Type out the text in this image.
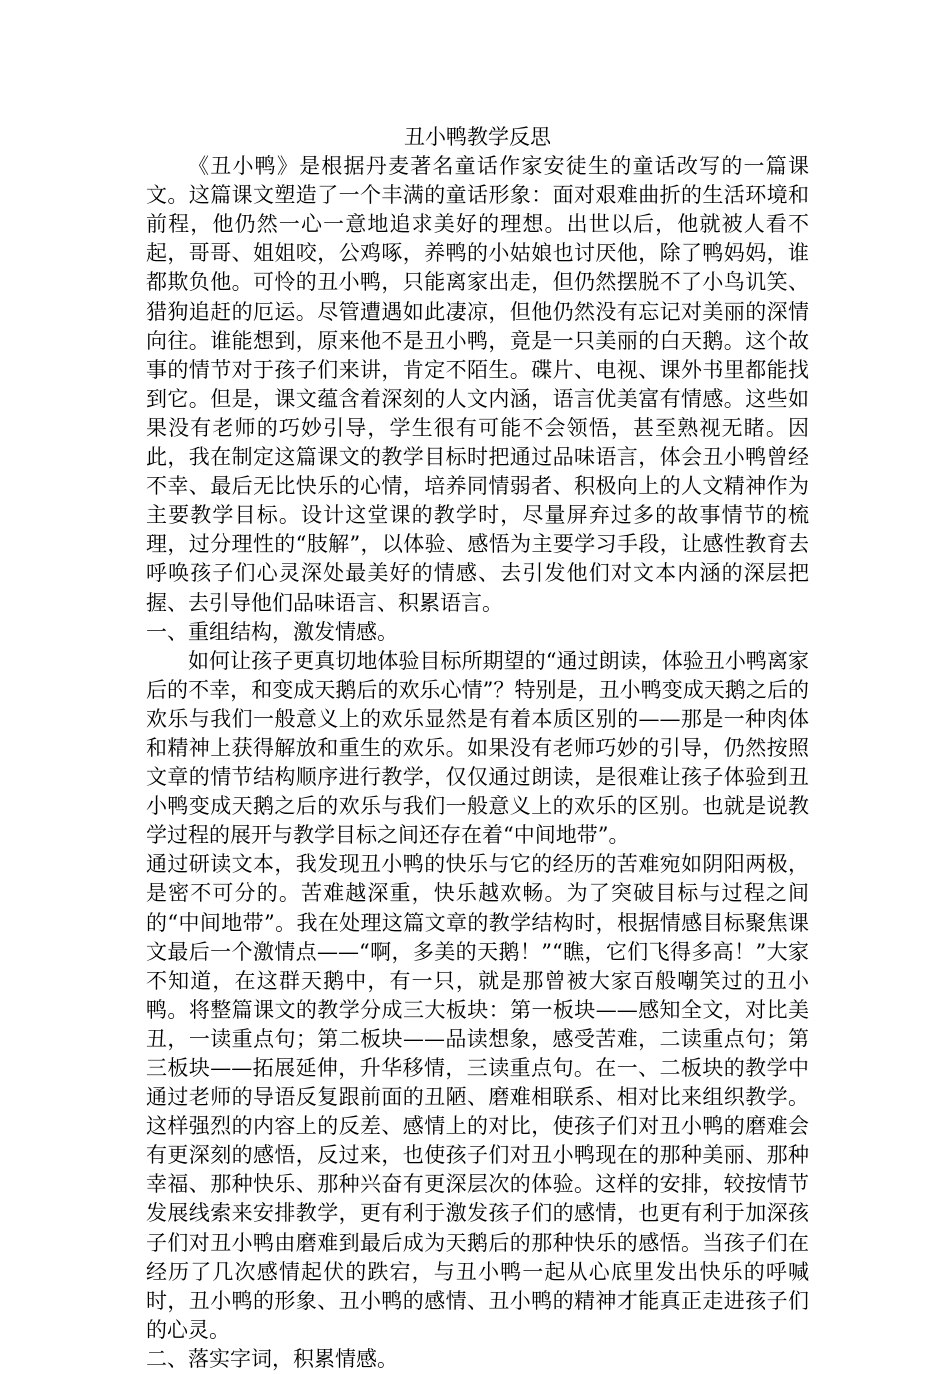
丑小鸭教学反思

《丑小鸭》是根据丹麦著名童话作家安徒生的童话改写的一篇课文。这篇课文塑造了一个丰满的童话形象：面对艰难曲折的生活环境和前程，他仍然一心一意地追求美好的理想。出世以后，他就被人看不起，哥哥、姐姐咬，公鸡啄，养鸭的小姑娘也讨厌他，除了鸭妈妈，谁都欺负他。可怜的丑小鸭，只能离家出走，但仍然摆脱不了小鸟讥笑、猎狗追赶的厄运。尽管遭遇如此凄凉，但他仍然没有忘记对美丽的深情向往。谁能想到，原来他不是丑小鸭，竟是一只美丽的白天鹅。这个故事的情节对于孩子们来讲，肯定不陌生。碟片、电视、课外书里都能找到它。但是，课文蕴含着深刻的人文内涵，语言优美富有情感。这些如果没有老师的巧妙引导，学生很有可能不会领悟，甚至熟视无睹。因此，我在制定这篇课文的教学目标时把通过品味语言，体会丑小鸭曾经不幸、最后无比快乐的心情，培养同情弱者、积极向上的人文精神作为主要教学目标。设计这堂课的教学时，尽量屏弃过多的故事情节的梳理，过分理性的“肢解”，以体验、感悟为主要学习手段，让感性教育去呼唤孩子们心灵深处最美好的情感、去引发他们对文本内涵的深层把握、去引导他们品味语言、积累语言。

一、重组结构，激发情感。

如何让孩子更真切地体验目标所期望的“通过朗读，体验丑小鸭离家后的不幸，和变成天鹅后的欢乐心情”？特别是，丑小鸭变成天鹅之后的欢乐与我们一般意义上的欢乐显然是有着本质区别的——那是一种肉体和精神上获得解放和重生的欢乐。如果没有老师巧妙的引导，仍然按照文章的情节结构顺序进行教学，仅仅通过朗读，是很难让孩子体验到丑小鸭变成天鹅之后的欢乐与我们一般意义上的欢乐的区别。也就是说教学过程的展开与教学目标之间还存在着“中间地带”。

通过研读文本，我发现丑小鸭的快乐与它的经历的苦难宛如阴阳两极，是密不可分的。苦难越深重，快乐越欢畅。为了突破目标与过程之间的“中间地带”。我在处理这篇文章的教学结构时，根据情感目标聚焦课文最后一个激情点——“啊，多美的天鹅！”“瞧，它们飞得多高！”大家不知道，在这群天鹅中，有一只，就是那曾被大家百般嘲笑过的丑小鸭。将整篇课文的教学分成三大板块：第一板块——感知全文，对比美丑，一读重点句；第二板块——品读想象，感受苦难，二读重点句；第三板块——拓展延伸，升华移情，三读重点句。在一、二板块的教学中通过老师的导语反复跟前面的丑陋、磨难相联系、相对比来组织教学。这样强烈的内容上的反差、感情上的对比，使孩子们对丑小鸭的磨难会有更深刻的感悟，反过来，也使孩子们对丑小鸭现在的那种美丽、那种幸福、那种快乐、那种兴奋有更深层次的体验。这样的安排，较按情节发展线索来安排教学，更有利于激发孩子们的感情，也更有利于加深孩子们对丑小鸭由磨难到最后成为天鹅后的那种快乐的感悟。当孩子们在经历了几次感情起伏的跌宕，与丑小鸭一起从心底里发出快乐的呼喊时，丑小鸭的形象、丑小鸭的感情、丑小鸭的精神才能真正走进孩子们的心灵。

二、落实字词，积累情感。
